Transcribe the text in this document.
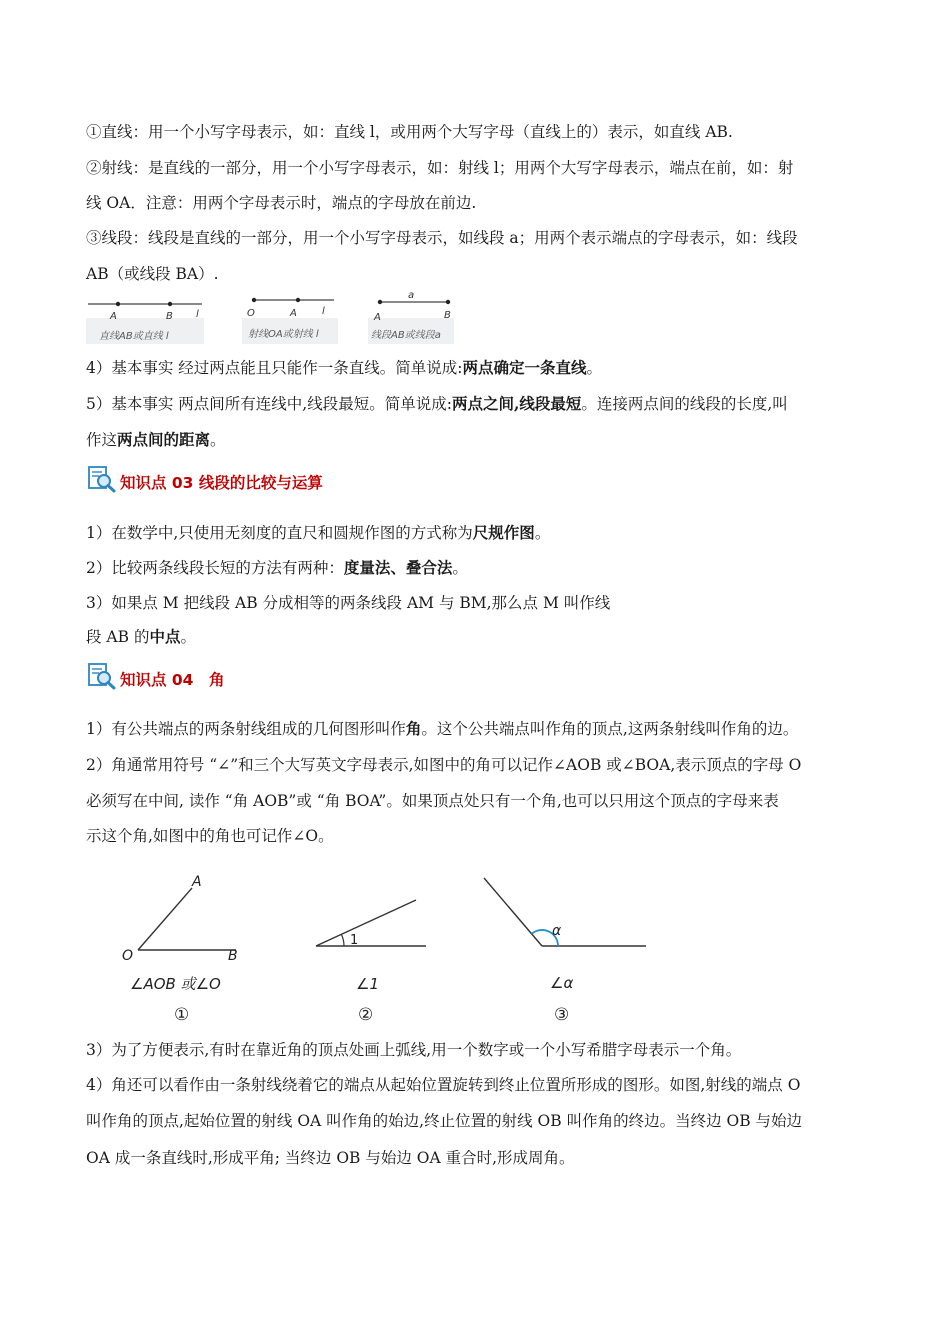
①直线：用一个小写字母表示，如：直线 l，或用两个大写字母（直线上的）表示，如直线 AB.
②射线：是直线的一部分，用一个小写字母表示，如：射线 l；用两个大写字母表示，端点在前，如：射
线 OA．注意：用两个字母表示时，端点的字母放在前边.
③线段：线段是直线的一部分，用一个小写字母表示，如线段 a；用两个表示端点的字母表示，如：线段
AB（或线段 BA）.
A	B l
直线AB或直线 l
O	A	l
射线OA或射线 l
a
A	B
线段AB或线段a
4）基本事实 经过两点能且只能作一条直线。简单说成:两点确定一条直线。
5）基本事实 两点间所有连线中,线段最短。简单说成:两点之间,线段最短。连接两点间的线段的长度,叫
作这两点间的距离。
知识点 03 线段的比较与运算
1）在数学中,只使用无刻度的直尺和圆规作图的方式称为尺规作图。
2）比较两条线段长短的方法有两种：度量法、叠合法。
3）如果点 M 把线段 AB 分成相等的两条线段 AM 与 BM,那么点 M 叫作线
段 AB 的中点。
知识点 04　角
1）有公共端点的两条射线组成的几何图形叫作角。这个公共端点叫作角的顶点,这两条射线叫作角的边。
2）角通常用符号 “∠”和三个大写英文字母表示,如图中的角可以记作∠AOB 或∠BOA,表示顶点的字母 O
必须写在中间, 读作 “角 AOB”或 “角 BOA”。如果顶点处只有一个角,也可以只用这个顶点的字母来表
示这个角,如图中的角也可记作∠O。
A
O	B
∠AOB 或∠O
①
1
∠1
②
α
∠α
③
3）为了方便表示,有时在靠近角的顶点处画上弧线,用一个数字或一个小写希腊字母表示一个角。
4）角还可以看作由一条射线绕着它的端点从起始位置旋转到终止位置所形成的图形。如图,射线的端点 O
叫作角的顶点,起始位置的射线 OA 叫作角的始边,终止位置的射线 OB 叫作角的终边。当终边 OB 与始边
OA 成一条直线时,形成平角; 当终边 OB 与始边 OA 重合时,形成周角。
